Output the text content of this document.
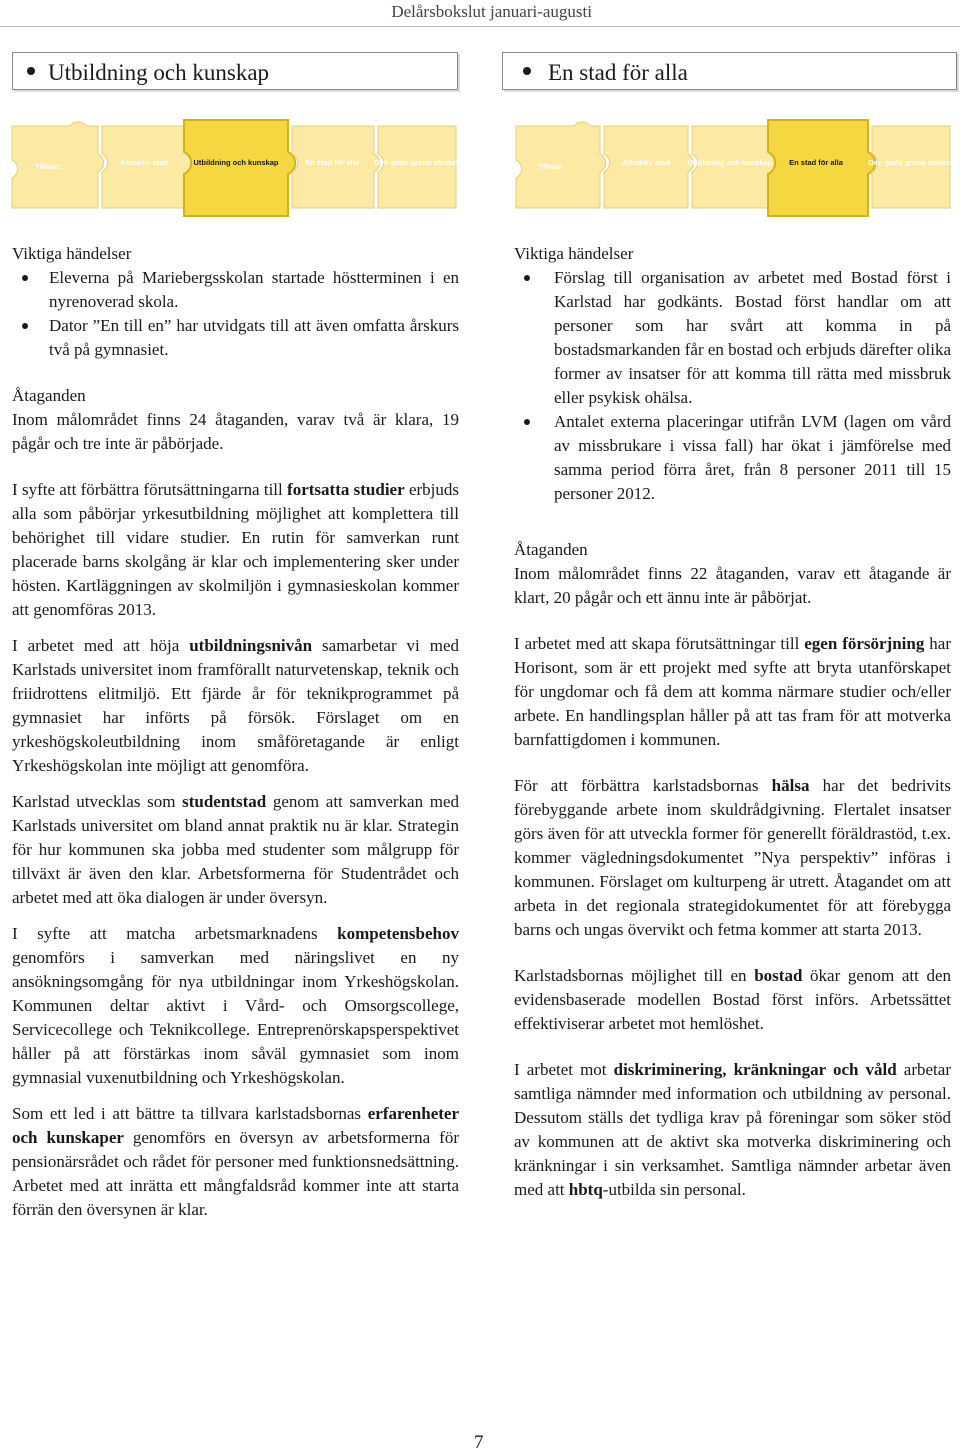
Delårsbokslut januari-augusti
Utbildning och kunskap
Tillväxt	Attraktiv stad	Utbildning och kunskap	En stad för alla Den goda gröna staden

Viktiga händelser

Eleverna på Mariebergsskolan startade höstterminen i en nyrenoverad skola.
Dator ”En till en” har utvidgats till att även omfatta årskurs två på gymnasiet.

Åtaganden

Inom målområdet finns 24 åtaganden, varav två är klara, 19 pågår och tre inte är påbörjade.

I syfte att förbättra förutsättningarna till fortsatta studier erbjuds alla som påbörjar yrkesutbildning möjlighet att komplettera till behörighet till vidare studier. En rutin för samverkan runt placerade barns skolgång är klar och implementering sker under hösten. Kartläggningen av skolmiljön i gymnasieskolan kommer att genomföras 2013.

I arbetet med att höja utbildningsnivån samarbetar vi med Karlstads universitet inom framförallt naturvetenskap, teknik och friidrottens elitmiljö. Ett fjärde år för teknikprogrammet på gymnasiet har införts på försök. Förslaget om en yrkeshögskoleutbildning inom småföretagande är enligt Yrkeshögskolan inte möjligt att genomföra.

Karlstad utvecklas som studentstad genom att samverkan med Karlstads universitet om bland annat praktik nu är klar. Strategin för hur kommunen ska jobba med studenter som målgrupp för tillväxt är även den klar. Arbetsformerna för Studentrådet och arbetet med att öka dialogen är under översyn.

I syfte att matcha arbetsmarknadens kompetensbehov genomförs i samverkan med näringslivet en ny ansökningsomgång för nya utbildningar inom Yrkeshögskolan. Kommunen deltar aktivt i Vård- och Omsorgscollege, Servicecollege och Teknikcollege. Entreprenörskapsperspektivet håller på att förstärkas inom såväl gymnasiet som inom gymnasial vuxenutbildning och Yrkeshögskolan.

Som ett led i att bättre ta tillvara karlstadsbornas erfarenheter och kunskaper genomförs en översyn av arbetsformerna för pensionärsrådet och rådet för personer med funktionsnedsättning. Arbetet med att inrätta ett mångfaldsråd kommer inte att starta förrän den översynen är klar.

En stad för alla
Tillväxt	Attraktiv stad Utbildning och kunskap En stad för alla	Den goda gröna staden

Viktiga händelser

Förslag till organisation av arbetet med Bostad först i Karlstad har godkänts. Bostad först handlar om att personer som har svårt att komma in på bostadsmarkanden får en bostad och erbjuds därefter olika former av insatser för att komma till rätta med missbruk eller psykisk ohälsa.
Antalet externa placeringar utifrån LVM (lagen om vård av missbrukare i vissa fall) har ökat i jämförelse med samma period förra året, från 8 personer 2011 till 15 personer 2012.

Åtaganden

Inom målområdet finns 22 åtaganden, varav ett åtagande är klart, 20 pågår och ett ännu inte är påbörjat.

I arbetet med att skapa förutsättningar till egen försörjning har Horisont, som är ett projekt med syfte att bryta utanförskapet för ungdomar och få dem att komma närmare studier och/eller arbete. En handlingsplan håller på att tas fram för att motverka barnfattigdomen i kommunen.

För att förbättra karlstadsbornas hälsa har det bedrivits förebyggande arbete inom skuldrådgivning. Flertalet insatser görs även för att utveckla former för generellt föräldrastöd, t.ex. kommer vägledningsdokumentet ”Nya perspektiv” införas i kommunen. Förslaget om kulturpeng är utrett. Åtagandet om att arbeta in det regionala strategidokumentet för att förebygga barns och ungas övervikt och fetma kommer att starta 2013.

Karlstadsbornas möjlighet till en bostad ökar genom att den evidensbaserade modellen Bostad först införs. Arbetssättet effektiviserar arbetet mot hemlöshet.

I arbetet mot diskriminering, kränkningar och våld arbetar samtliga nämnder med information och utbildning av personal. Dessutom ställs det tydliga krav på föreningar som söker stöd av kommunen att de aktivt ska motverka diskriminering och kränkningar i sin verksamhet. Samtliga nämnder arbetar även med att hbtq-utbilda sin personal.

7
